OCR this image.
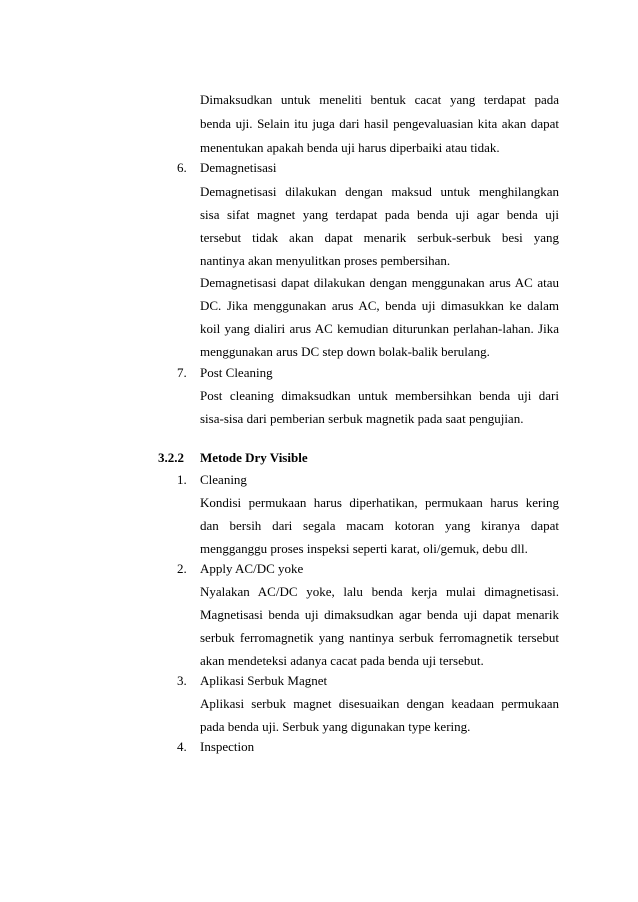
Dimaksudkan untuk meneliti bentuk cacat yang terdapat pada
benda uji. Selain itu juga dari hasil pengevaluasian kita akan dapat
menentukan apakah benda uji harus diperbaiki atau tidak.
6. Demagnetisasi
Demagnetisasi dilakukan dengan maksud untuk menghilangkan
sisa sifat magnet yang terdapat pada benda uji agar benda uji
tersebut tidak akan dapat menarik serbuk-serbuk besi yang
nantinya akan menyulitkan proses pembersihan.
Demagnetisasi dapat dilakukan dengan menggunakan arus AC atau
DC. Jika menggunakan arus AC, benda uji dimasukkan ke dalam
koil yang dialiri arus AC kemudian diturunkan perlahan-lahan. Jika
menggunakan arus DC step down bolak-balik berulang.
7. Post Cleaning
Post cleaning dimaksudkan untuk membersihkan benda uji dari
sisa-sisa dari pemberian serbuk magnetik pada saat pengujian.
3.2.2 Metode Dry Visible
1. Cleaning
Kondisi permukaan harus diperhatikan, permukaan harus kering
dan bersih dari segala macam kotoran yang kiranya dapat
mengganggu proses inspeksi seperti karat, oli/gemuk, debu dll.
2. Apply AC/DC yoke
Nyalakan AC/DC yoke, lalu benda kerja mulai dimagnetisasi.
Magnetisasi benda uji dimaksudkan agar benda uji dapat menarik
serbuk ferromagnetik yang nantinya serbuk ferromagnetik tersebut
akan mendeteksi adanya cacat pada benda uji tersebut.
3. Aplikasi Serbuk Magnet
Aplikasi serbuk magnet disesuaikan dengan keadaan permukaan
pada benda uji. Serbuk yang digunakan type kering.
4. Inspection
